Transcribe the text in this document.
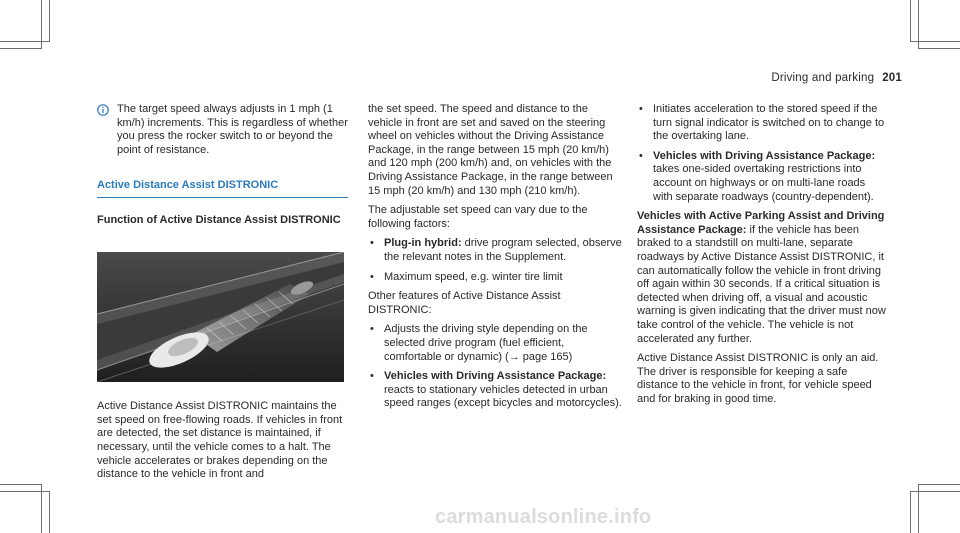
Driving and parking 201
The target speed always adjusts in 1 mph (1 km/h) increments. This is regardless of whether you press the rocker switch to or beyond the point of resistance.
Active Distance Assist DISTRONIC
Function of Active Distance Assist DISTRONIC

Active Distance Assist DISTRONIC maintains the set speed on free-flowing roads. If vehicles in front are detected, the set distance is maintained, if necessary, until the vehicle comes to a halt. The vehicle accelerates or brakes depending on the distance to the vehicle in front and

the set speed. The speed and distance to the vehicle in front are set and saved on the steering wheel on vehicles without the Driving Assistance Package, in the range between 15 mph (20 km/h) and 120 mph (200 km/h) and, on vehicles with the Driving Assistance Package, in the range between 15 mph (20 km/h) and 130 mph (210 km/h).

The adjustable set speed can vary due to the following factors:

• Plug-in hybrid: drive program selected, observe the relevant notes in the Supplement.
• Maximum speed, e.g. winter tire limit

Other features of Active Distance Assist DISTRONIC:

• Adjusts the driving style depending on the selected drive program (fuel efficient, comfortable or dynamic) (→ page 165)
• Vehicles with Driving Assistance Package: reacts to stationary vehicles detected in urban speed ranges (except bicycles and motorcycles).
• Initiates acceleration to the stored speed if the turn signal indicator is switched on to change to the overtaking lane.
• Vehicles with Driving Assistance Package: takes one-sided overtaking restrictions into account on highways or on multi-lane roads with separate roadways (country-dependent).

Vehicles with Active Parking Assist and Driving Assistance Package: if the vehicle has been braked to a standstill on multi-lane, separate roadways by Active Distance Assist DISTRONIC, it can automatically follow the vehicle in front driving off again within 30 seconds. If a critical situation is detected when driving off, a visual and acoustic warning is given indicating that the driver must now take control of the vehicle. The vehicle is not accelerated any further.

Active Distance Assist DISTRONIC is only an aid. The driver is responsible for keeping a safe distance to the vehicle in front, for vehicle speed and for braking in good time.

carmanualsonline.info
